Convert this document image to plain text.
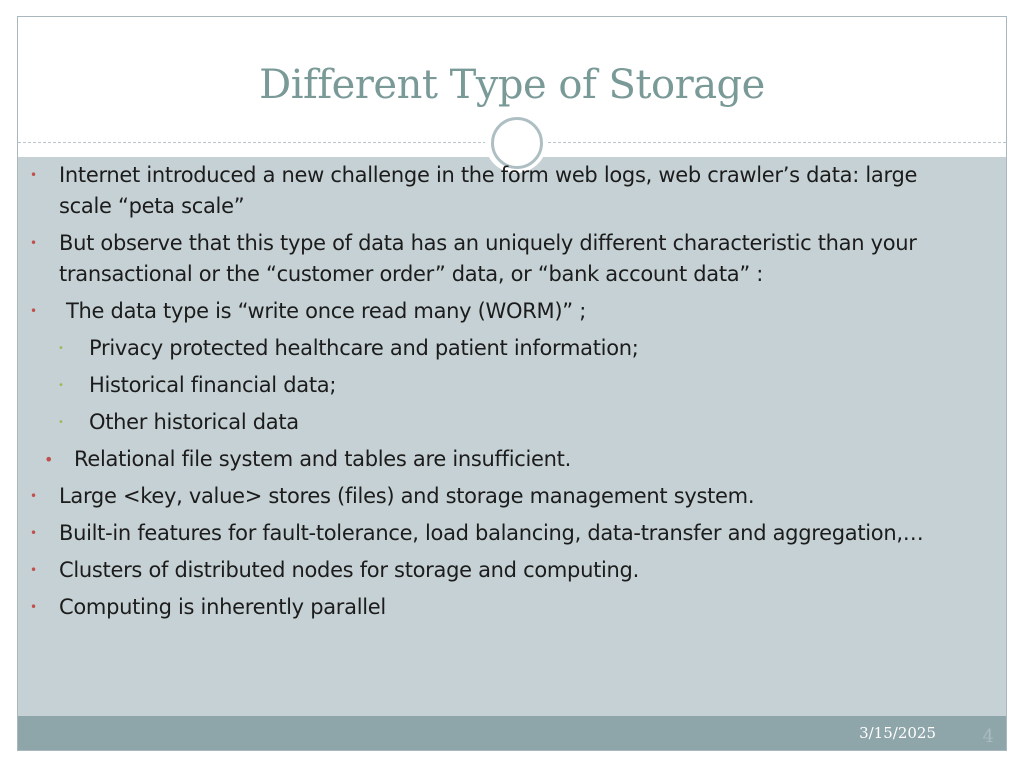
Different Type of Storage
3/15/2025	4
• Internet introduced a new challenge in the form web logs, web crawler’s data: large scale “peta scale”
• But observe that this type of data has an uniquely different characteristic than your transactional or the “customer order” data, or “bank account data” :
• The data type is “write once read many (WORM)” ;
• Privacy protected healthcare and patient information;
• Historical financial data;
• Other historical data
• Relational file system and tables are insufficient.
• Large <key, value> stores (files) and storage management system.
• Built-in features for fault-tolerance, load balancing, data-transfer and aggregation,…
• Clusters of distributed nodes for storage and computing.
• Computing is inherently parallel
